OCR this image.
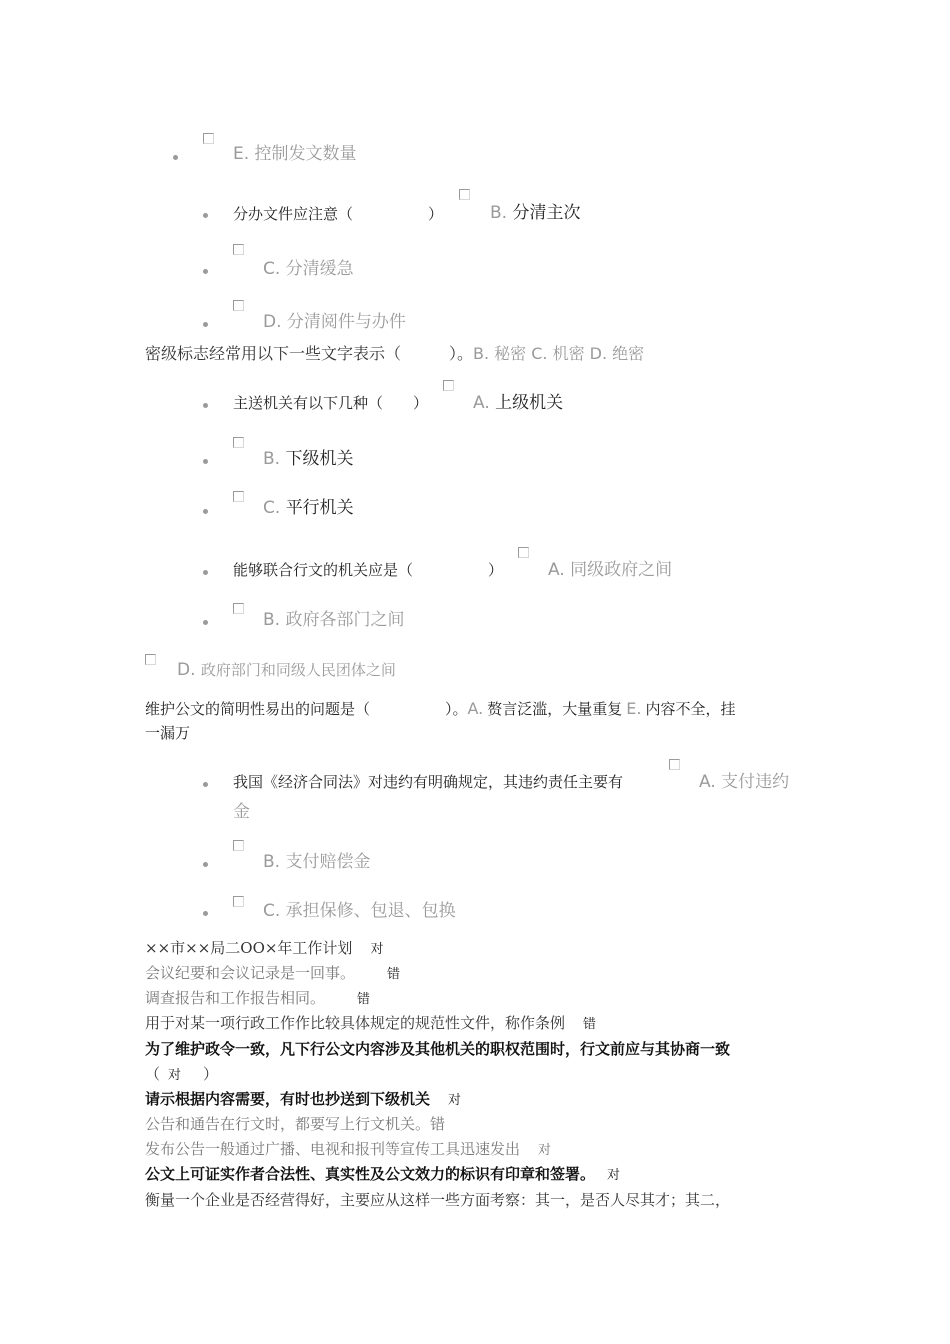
E. 控制发文数量
分办文件应注意（　　　　　）	B. 分清主次
C. 分清缓急
D. 分清阅件与办件
密级标志经常用以下一些文字表示（　　　）。B. 秘密 C. 机密 D. 绝密
主送机关有以下几种（　　）	A. 上级机关
B. 下级机关
C. 平行机关
能够联合行文的机关应是（　　　　　）	A. 同级政府之间
B. 政府各部门之间
D. 政府部门和同级人民团体之间
维护公文的简明性易出的问题是（　　　　　）。A. 赘言泛滥，大量重复 E. 内容不全，挂
一漏万
我国《经济合同法》对违约有明确规定，其违约责任主要有	A. 支付违约
金
B. 支付赔偿金
C. 承担保修、包退、包换
××市××局二OO×年工作计划 对
会议纪要和会议记录是一回事。 错
调查报告和工作报告相同。 错
用于对某一项行政工作作比较具体规定的规范性文件，称作条例 错
为了维护政令一致，凡下行公文内容涉及其他机关的职权范围时，行文前应与其协商一致
（ 对 ）
请示根据内容需要，有时也抄送到下级机关 对
公告和通告在行文时，都要写上行文机关。错
发布公告一般通过广播、电视和报刊等宣传工具迅速发出 对
公文上可证实作者合法性、真实性及公文效力的标识有印章和签署。 对
衡量一个企业是否经营得好，主要应从这样一些方面考察：其一，是否人尽其才；其二，
